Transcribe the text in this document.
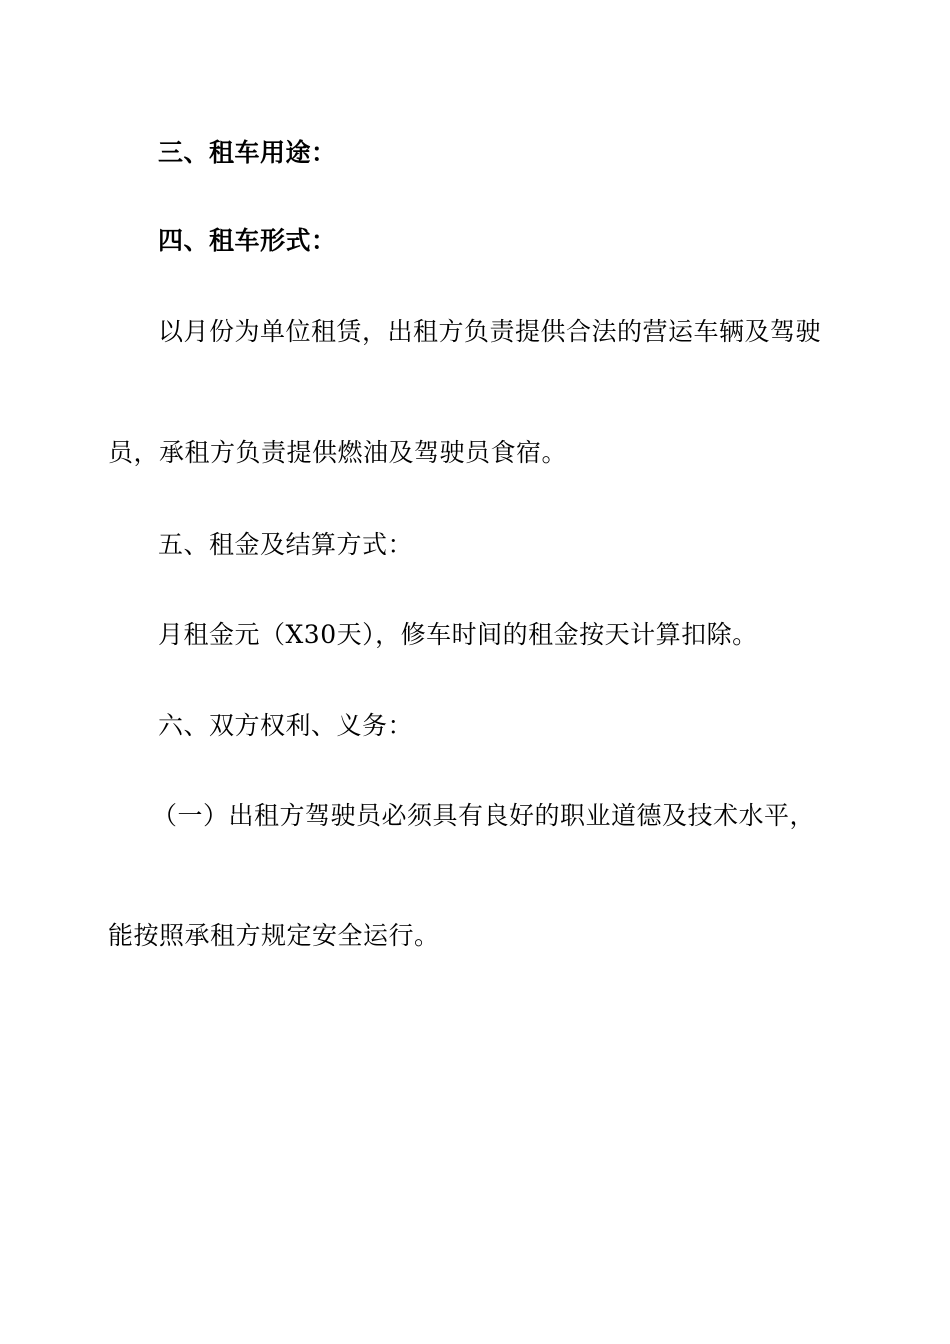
三、租车用途：
四、租车形式：
以月份为单位租赁，出租方负责提供合法的营运车辆及驾驶
员，承租方负责提供燃油及驾驶员食宿。
五、租金及结算方式：
月租金元（X30天），修车时间的租金按天计算扣除。
六、双方权利、义务：
（一）出租方驾驶员必须具有良好的职业道德及技术水平，
能按照承租方规定安全运行。
